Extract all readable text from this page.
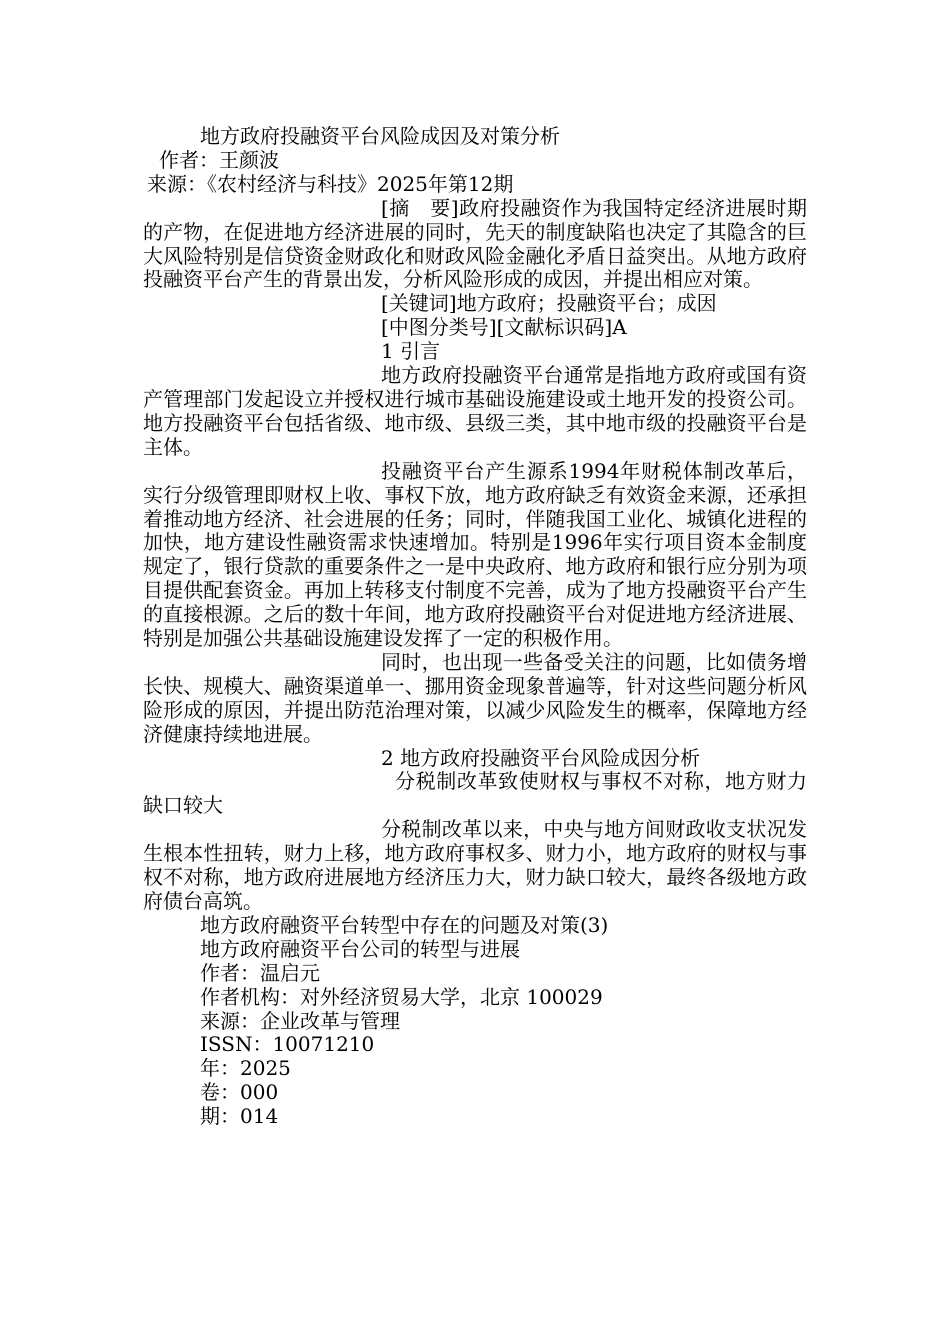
地方政府投融资平台风险成因及对策分析
作者：王颜波
来源：《农村经济与科技》2025年第12期
[摘　要]政府投融资作为我国特定经济进展时期的产物，在促进地方经济进展的同时，先天的制度缺陷也决定了其隐含的巨大风险特别是信贷资金财政化和财政风险金融化矛盾日益突出。从地方政府投融资平台产生的背景出发，分析风险形成的成因，并提出相应对策。
[关键词]地方政府；投融资平台；成因
[中图分类号][文献标识码]A
1 引言
地方政府投融资平台通常是指地方政府或国有资产管理部门发起设立并授权进行城市基础设施建设或土地开发的投资公司。地方投融资平台包括省级、地市级、县级三类，其中地市级的投融资平台是主体。
投融资平台产生源系1994年财税体制改革后，实行分级管理即财权上收、事权下放，地方政府缺乏有效资金来源，还承担着推动地方经济、社会进展的任务；同时，伴随我国工业化、城镇化进程的加快，地方建设性融资需求快速增加。特别是1996年实行项目资本金制度规定了，银行贷款的重要条件之一是中央政府、地方政府和银行应分别为项目提供配套资金。再加上转移支付制度不完善，成为了地方投融资平台产生的直接根源。之后的数十年间，地方政府投融资平台对促进地方经济进展、特别是加强公共基础设施建设发挥了一定的积极作用。
同时，也出现一些备受关注的问题，比如债务增长快、规模大、融资渠道单一、挪用资金现象普遍等，针对这些问题分析风险形成的原因，并提出防范治理对策，以减少风险发生的概率，保障地方经济健康持续地进展。
2 地方政府投融资平台风险成因分析
分税制改革致使财权与事权不对称，地方财力缺口较大
分税制改革以来，中央与地方间财政收支状况发生根本性扭转，财力上移，地方政府事权多、财力小，地方政府的财权与事权不对称，地方政府进展地方经济压力大，财力缺口较大，最终各级地方政府债台高筑。
地方政府融资平台转型中存在的问题及对策(3)
地方政府融资平台公司的转型与进展
作者：温启元
作者机构：对外经济贸易大学，北京 100029
来源：企业改革与管理
ISSN：10071210
年：2025
卷：000
期：014
